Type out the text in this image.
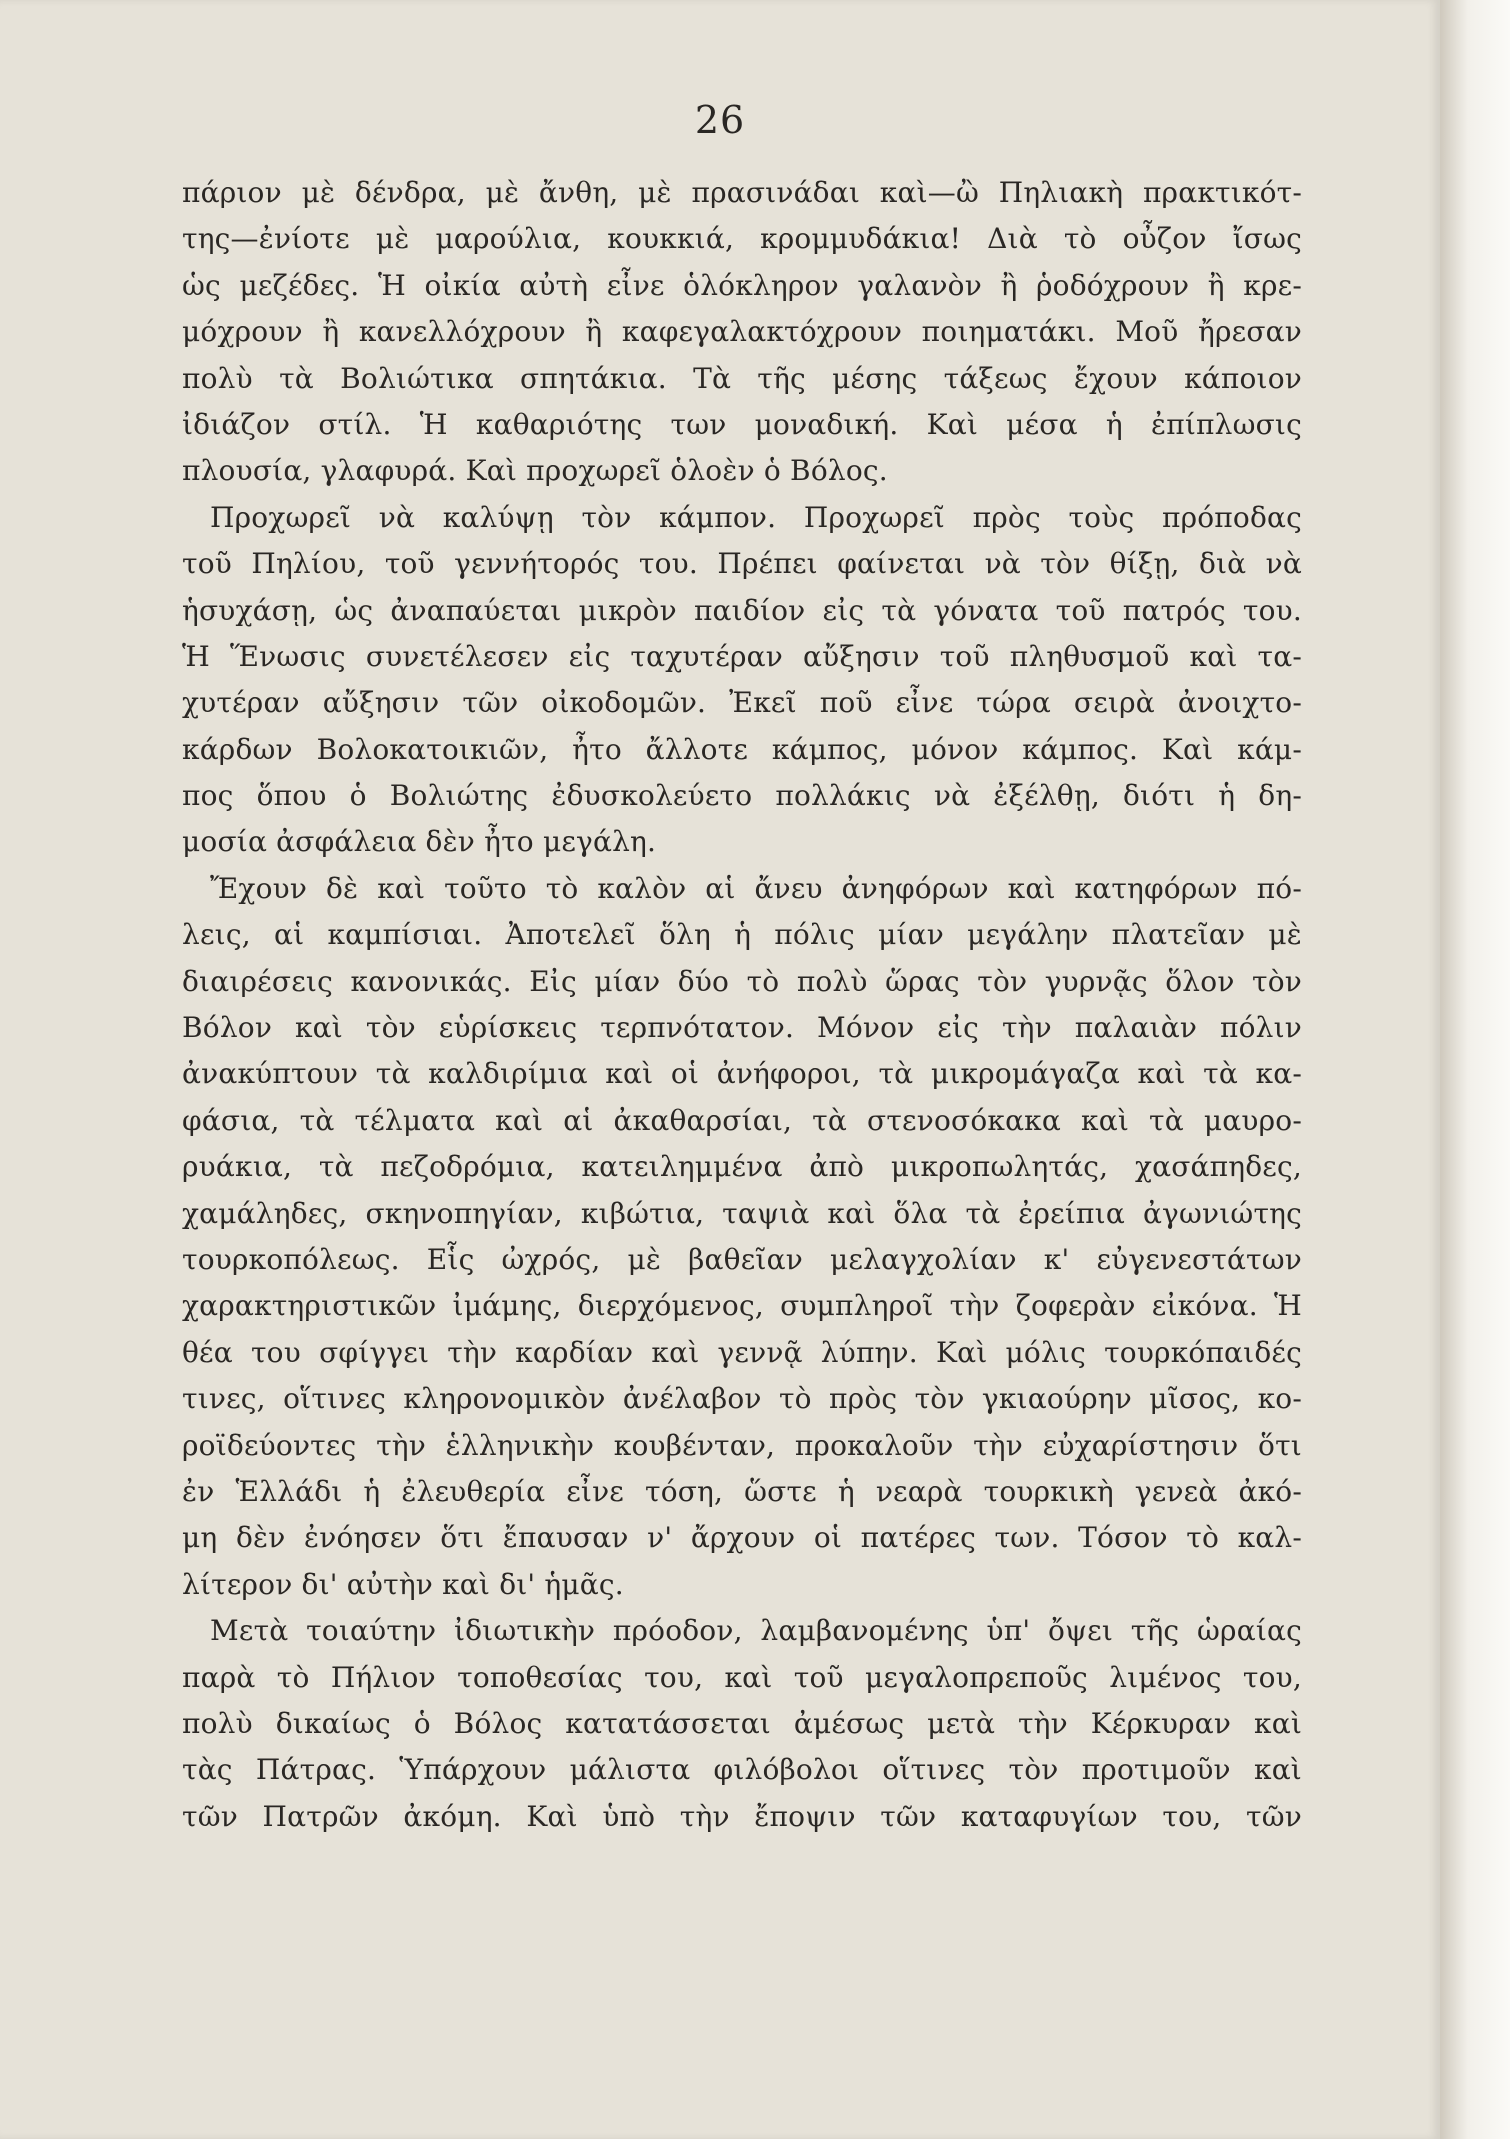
26
πάριον μὲ δένδρα, μὲ ἄνθη, μὲ πρασινάδαι καὶ—ὢ Πηλιακὴ πρακτικότ-
της—ἐνίοτε μὲ μαρούλια, κουκκιά, κρομμυδάκια! Διὰ τὸ οὖζον ἴσως
ὡς μεζέδες. Ἡ οἰκία αὐτὴ εἶνε ὁλόκληρον γαλανὸν ἢ ῥοδόχρουν ἢ κρε-
μόχρουν ἢ κανελλόχρουν ἢ καφεγαλακτόχρουν ποιηματάκι. Μοῦ ἤρεσαν
πολὺ τὰ Βολιώτικα σπητάκια. Τὰ τῆς μέσης τάξεως ἔχουν κάποιον
ἰδιάζον στίλ. Ἡ καθαριότης των μοναδική. Καὶ μέσα ἡ ἐπίπλωσις
πλουσία, γλαφυρά. Καὶ προχωρεῖ ὁλοὲν ὁ Βόλος.
Προχωρεῖ νὰ καλύψῃ τὸν κάμπον. Προχωρεῖ πρὸς τοὺς πρόποδας
τοῦ Πηλίου, τοῦ γεννήτορός του. Πρέπει φαίνεται νὰ τὸν θίξῃ, διὰ νὰ
ἡσυχάσῃ, ὡς ἀναπαύεται μικρὸν παιδίον εἰς τὰ γόνατα τοῦ πατρός του.
Ἡ Ἕνωσις συνετέλεσεν εἰς ταχυτέραν αὔξησιν τοῦ πληθυσμοῦ καὶ τα-
χυτέραν αὔξησιν τῶν οἰκοδομῶν. Ἐκεῖ ποῦ εἶνε τώρα σειρὰ ἀνοιχτο-
κάρδων Βολοκατοικιῶν, ἦτο ἄλλοτε κάμπος, μόνον κάμπος. Καὶ κάμ-
πος ὅπου ὁ Βολιώτης ἐδυσκολεύετο πολλάκις νὰ ἐξέλθῃ, διότι ἡ δη-
μοσία ἀσφάλεια δὲν ἦτο μεγάλη.
Ἔχουν δὲ καὶ τοῦτο τὸ καλὸν αἱ ἄνευ ἀνηφόρων καὶ κατηφόρων πό-
λεις, αἱ καμπίσιαι. Ἀποτελεῖ ὅλη ἡ πόλις μίαν μεγάλην πλατεῖαν μὲ
διαιρέσεις κανονικάς. Εἰς μίαν δύο τὸ πολὺ ὥρας τὸν γυρνᾷς ὅλον τὸν
Βόλον καὶ τὸν εὑρίσκεις τερπνότατον. Μόνον εἰς τὴν παλαιὰν πόλιν
ἀνακύπτουν τὰ καλδιρίμια καὶ οἱ ἀνήφοροι, τὰ μικρομάγαζα καὶ τὰ κα-
φάσια, τὰ τέλματα καὶ αἱ ἀκαθαρσίαι, τὰ στενοσόκακα καὶ τὰ μαυρο-
ρυάκια, τὰ πεζοδρόμια, κατειλημμένα ἀπὸ μικροπωλητάς, χασάπηδες,
χαμάληδες, σκηνοπηγίαν, κιβώτια, ταψιὰ καὶ ὅλα τὰ ἐρείπια ἀγωνιώτης
τουρκοπόλεως. Εἷς ὠχρός, μὲ βαθεῖαν μελαγχολίαν κ' εὐγενεστάτων
χαρακτηριστικῶν ἰμάμης, διερχόμενος, συμπληροῖ τὴν ζοφερὰν εἰκόνα. Ἡ
θέα του σφίγγει τὴν καρδίαν καὶ γεννᾷ λύπην. Καὶ μόλις τουρκόπαιδές
τινες, οἵτινες κληρονομικὸν ἀνέλαβον τὸ πρὸς τὸν γκιαούρην μῖσος, κο-
ροϊδεύοντες τὴν ἑλληνικὴν κουβένταν, προκαλοῦν τὴν εὐχαρίστησιν ὅτι
ἐν Ἑλλάδι ἡ ἐλευθερία εἶνε τόση, ὥστε ἡ νεαρὰ τουρκικὴ γενεὰ ἀκό-
μη δὲν ἐνόησεν ὅτι ἔπαυσαν ν' ἄρχουν οἱ πατέρες των. Τόσον τὸ καλ-
λίτερον δι' αὐτὴν καὶ δι' ἡμᾶς.
Μετὰ τοιαύτην ἰδιωτικὴν πρόοδον, λαμβανομένης ὑπ' ὄψει τῆς ὡραίας
παρὰ τὸ Πήλιον τοποθεσίας του, καὶ τοῦ μεγαλοπρεποῦς λιμένος του,
πολὺ δικαίως ὁ Βόλος κατατάσσεται ἀμέσως μετὰ τὴν Κέρκυραν καὶ
τὰς Πάτρας. Ὑπάρχουν μάλιστα φιλόβολοι οἵτινες τὸν προτιμοῦν καὶ
τῶν Πατρῶν ἀκόμη. Καὶ ὑπὸ τὴν ἔποψιν τῶν καταφυγίων του, τῶν
